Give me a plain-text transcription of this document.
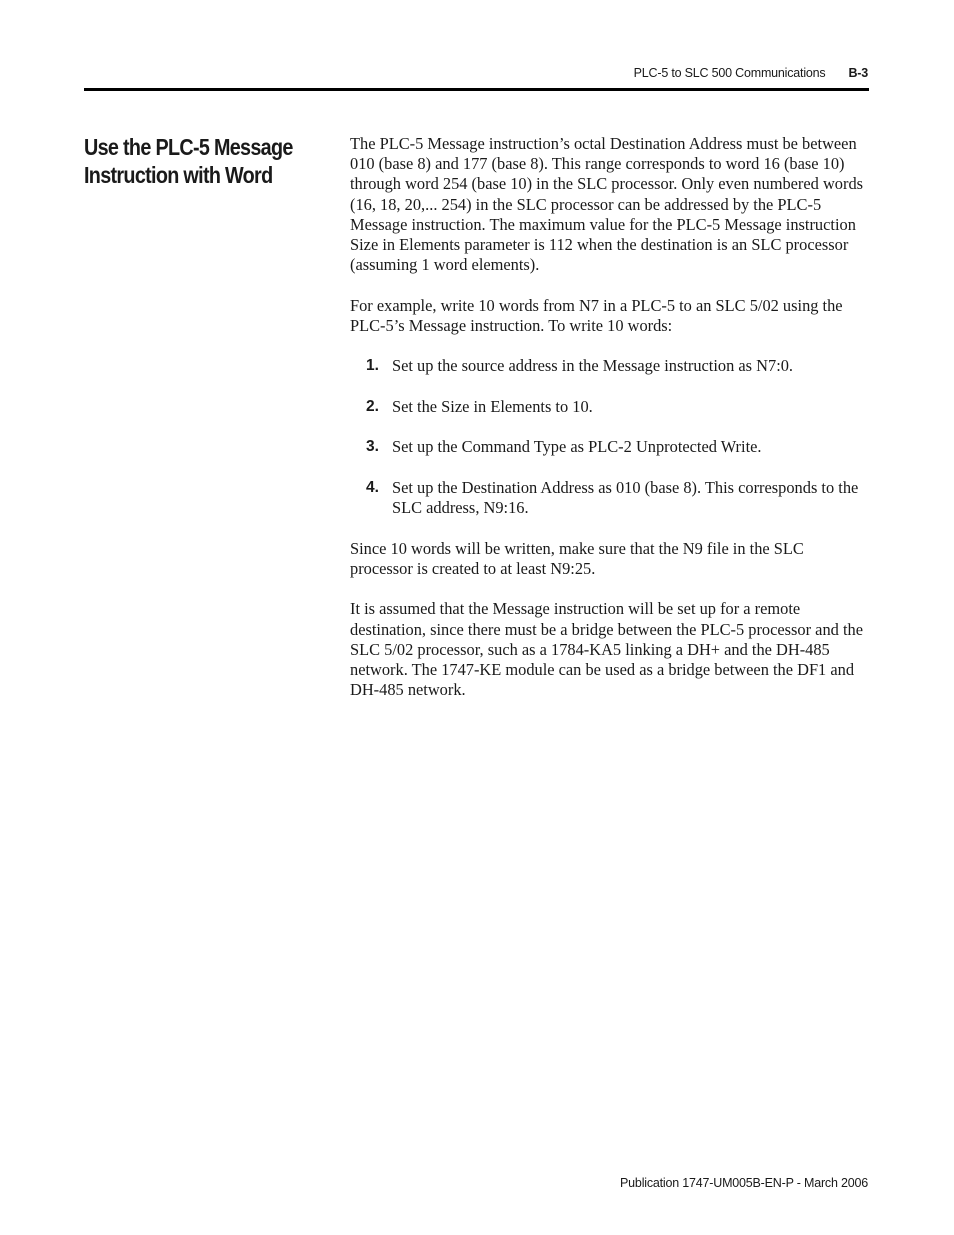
PLC-5 to SLC 500 Communications B-3
Use the PLC-5 Message
Instruction with Word

The PLC-5 Message instruction’s octal Destination Address must be between 010 (base 8) and 177 (base 8). This range corresponds to word 16 (base 10) through word 254 (base 10) in the SLC processor. Only even numbered words (16, 18, 20,... 254) in the SLC processor can be addressed by the PLC-5 Message instruction. The maximum value for the PLC-5 Message instruction Size in Elements parameter is 112 when the destination is an SLC processor (assuming 1 word elements).

For example, write 10 words from N7 in a PLC-5 to an SLC 5/02 using the PLC-5’s Message instruction. To write 10 words:

1. Set up the source address in the Message instruction as N7:0.
2. Set the Size in Elements to 10.
3. Set up the Command Type as PLC-2 Unprotected Write.
4. Set up the Destination Address as 010 (base 8). This corresponds to the SLC address, N9:16.

Since 10 words will be written, make sure that the N9 file in the SLC processor is created to at least N9:25.

It is assumed that the Message instruction will be set up for a remote destination, since there must be a bridge between the PLC-5 processor and the SLC 5/02 processor, such as a 1784-KA5 linking a DH+ and the DH-485 network. The 1747-KE module can be used as a bridge between the DF1 and DH-485 network.

Publication 1747-UM005B-EN-P - March 2006
